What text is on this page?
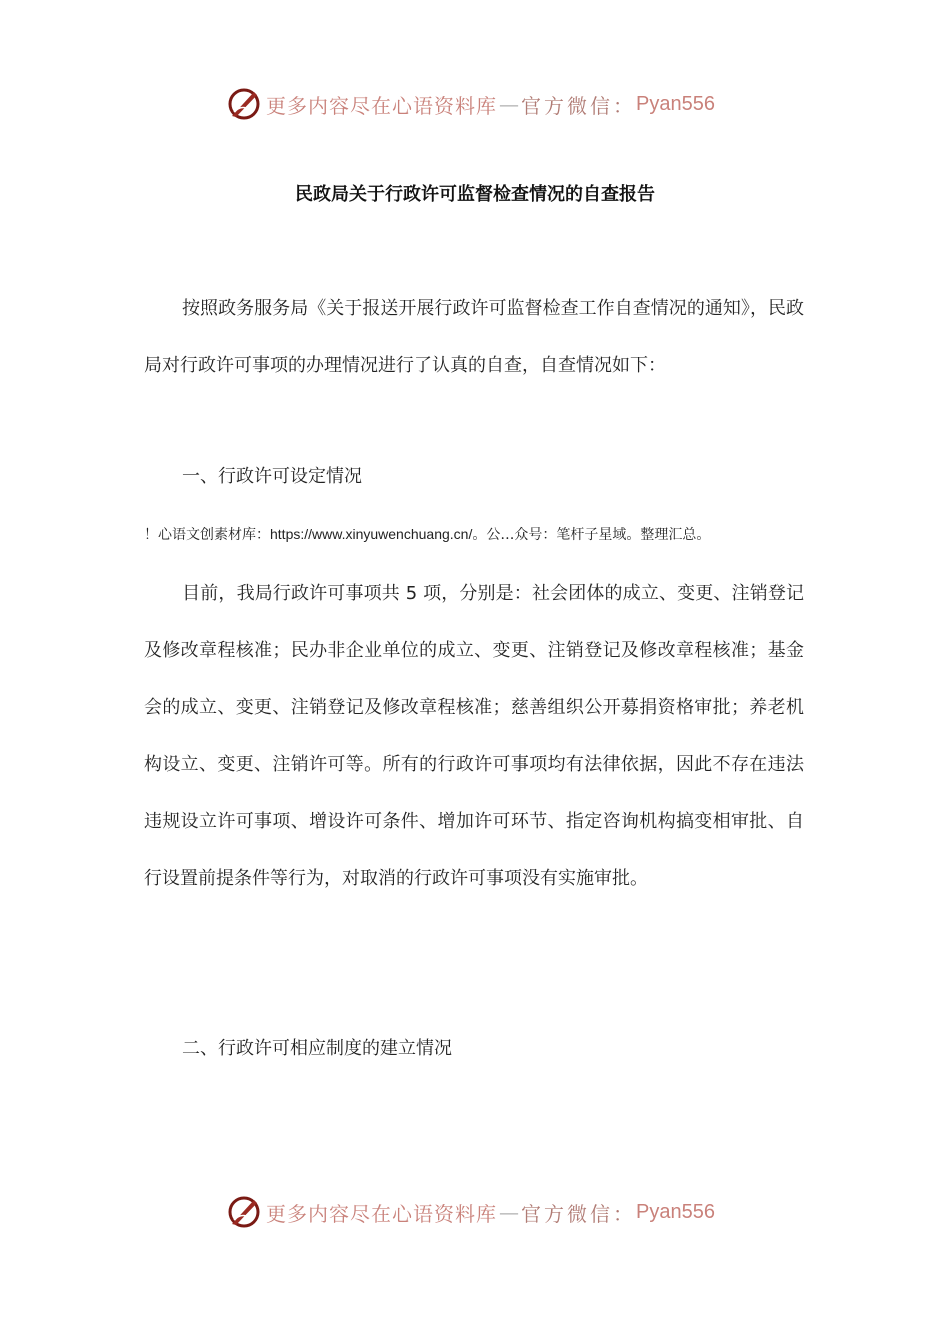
更多内容尽在心语资料库 — 官方微信： Pyan556
民政局关于行政许可监督检查情况的自查报告

按照政务服务局《关于报送开展行政许可监督检查工作自查情况的通知》，民政局对行政许可事项的办理情况进行了认真的自查，自查情况如下：

一、行政许可设定情况
！心语文创素材库：https://www.xinyuwenchuang.cn/。公…众号：笔杆子星域。整理汇总。

目前，我局行政许可事项共 5 项，分别是：社会团体的成立、变更、注销登记及修改章程核准；民办非企业单位的成立、变更、注销登记及修改章程核准；基金会的成立、变更、注销登记及修改章程核准；慈善组织公开募捐资格审批；养老机构设立、变更、注销许可等。所有的行政许可事项均有法律依据，因此不存在违法违规设立许可事项、增设许可条件、增加许可环节、指定咨询机构搞变相审批、自行设置前提条件等行为，对取消的行政许可事项没有实施审批。

二、行政许可相应制度的建立情况
更多内容尽在心语资料库 — 官方微信： Pyan556
